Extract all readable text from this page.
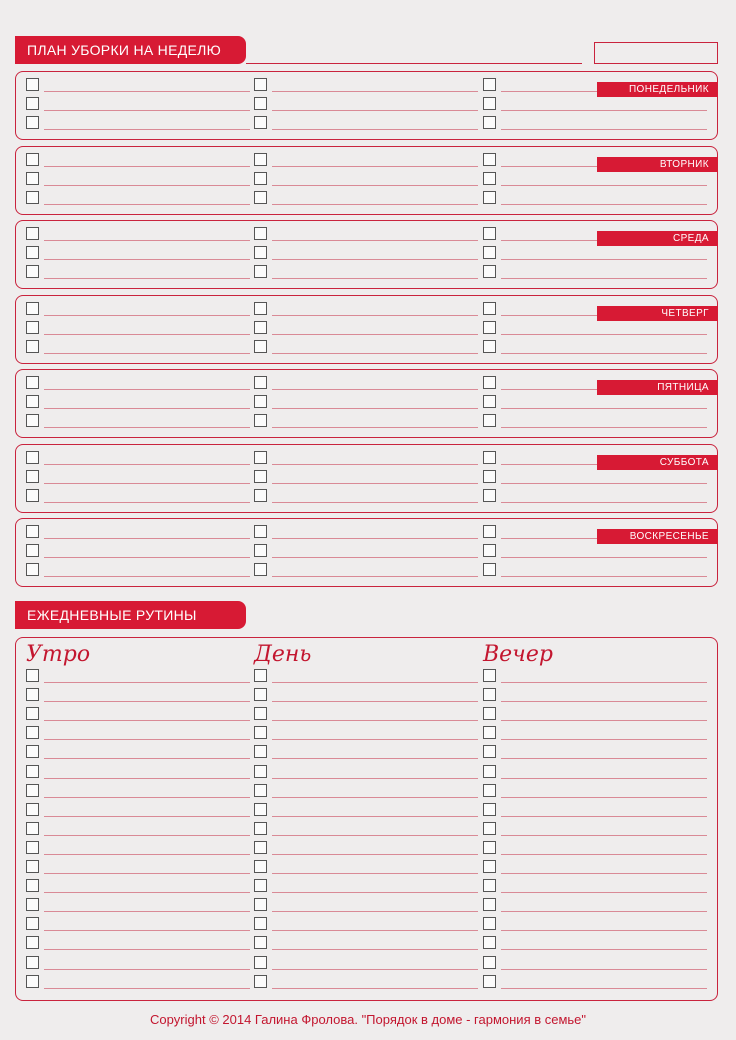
ПЛАН УБОРКИ НА НЕДЕЛЮ
ПОНЕДЕЛЬНИК
ВТОРНИК
СРЕДА
ЧЕТВЕРГ
ПЯТНИЦА
СУББОТА
ВОСКРЕСЕНЬЕ
ЕЖЕДНЕВНЫЕ РУТИНЫ
Утро	День	Вечер
Copyright © 2014 Галина Фролова. "Порядок в доме - гармония в семье"
